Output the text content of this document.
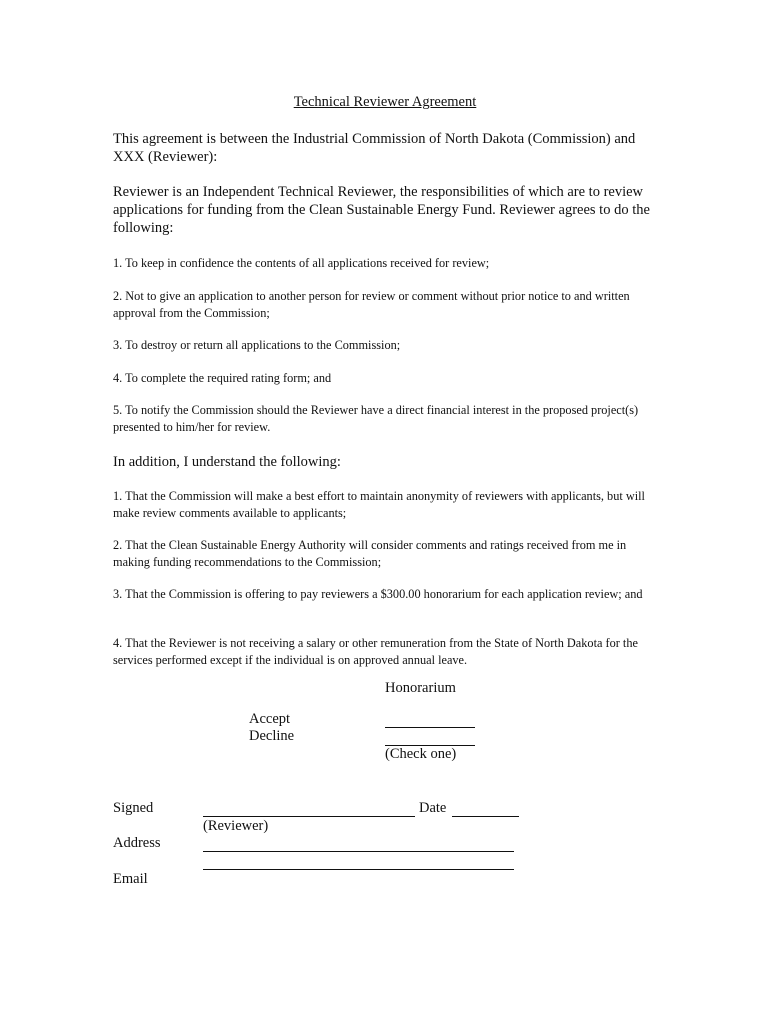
Technical Reviewer Agreement
This agreement is between the Industrial Commission of North Dakota (Commission) and XXX (Reviewer):
Reviewer is an Independent Technical Reviewer, the responsibilities of which are to review applications for funding from the Clean Sustainable Energy Fund. Reviewer agrees to do the following:
1. To keep in confidence the contents of all applications received for review;
2. Not to give an application to another person for review or comment without prior notice to and written approval from the Commission;
3. To destroy or return all applications to the Commission;
4. To complete the required rating form; and
5. To notify the Commission should the Reviewer have a direct financial interest in the proposed project(s) presented to him/her for review.
In addition, I understand the following:
1. That the Commission will make a best effort to maintain anonymity of reviewers with applicants, but will make review comments available to applicants;
2. That the Clean Sustainable Energy Authority will consider comments and ratings received from me in making funding recommendations to the Commission;
3. That the Commission is offering to pay reviewers a $300.00 honorarium for each application review; and
4. That the Reviewer is not receiving a salary or other remuneration from the State of North Dakota for the services performed except if the individual is on approved annual leave.
Honorarium
Accept
Decline
(Check one)
Signed	Date
(Reviewer)
Address
Email
